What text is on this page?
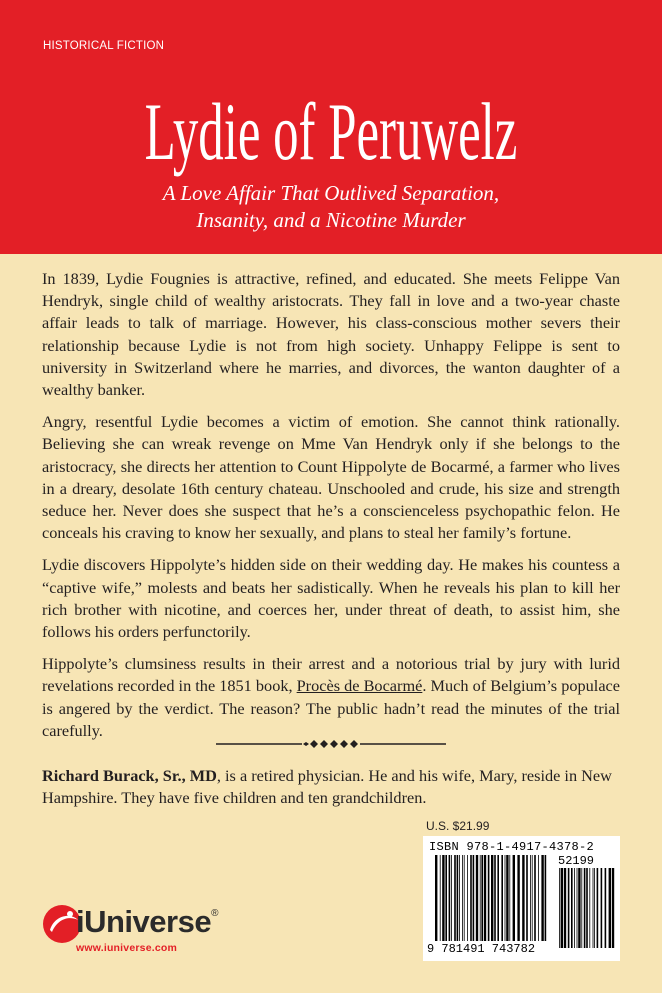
HISTORICAL FICTION
Lydie of Peruwelz
A Love Affair That Outlived Separation,
Insanity, and a Nicotine Murder

In 1839, Lydie Fougnies is attractive, refined, and educated. She meets Felippe Van Hendryk, single child of wealthy aristocrats. They fall in love and a two-year chaste affair leads to talk of marriage. However, his class-conscious mother severs their relationship because Lydie is not from high society. Unhappy Felippe is sent to university in Switzerland where he marries, and divorces, the wanton daughter of a wealthy banker.

Angry, resentful Lydie becomes a victim of emotion. She cannot think rationally. Believing she can wreak revenge on Mme Van Hendryk only if she belongs to the aristocracy, she directs her attention to Count Hippolyte de Bocarmé, a farmer who lives in a dreary, desolate 16th century chateau. Unschooled and crude, his size and strength seduce her. Never does she suspect that he’s a conscienceless psychopathic felon. He conceals his craving to know her sexually, and plans to steal her family’s fortune.

Lydie discovers Hippolyte’s hidden side on their wedding day. He makes his countess a “captive wife,” molests and beats her sadistically. When he reveals his plan to kill her rich brother with nicotine, and coerces her, under threat of death, to assist him, she follows his orders perfunctorily.

Hippolyte’s clumsiness results in their arrest and a notorious trial by jury with lurid revelations recorded in the 1851 book, Procès de Bocarmé. Much of Belgium’s populace is angered by the verdict. The reason? The public hadn’t read the minutes of the trial carefully.

Richard Burack, Sr., MD, is a retired physician. He and his wife, Mary, reside in New Hampshire. They have five children and ten grandchildren.
U.S. $21.99
ISBN 978-1-4917-4378-2
52199
9 781491 743782
iUniverse®
www.iuniverse.com
